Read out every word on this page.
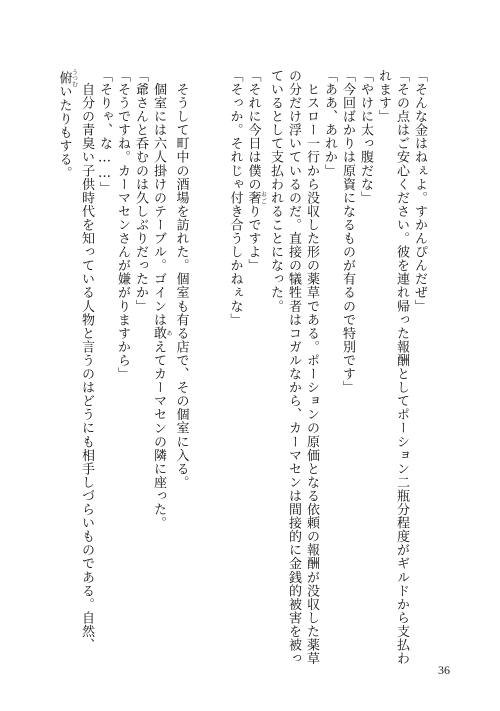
「そんな金はねぇよ。すかんぴんだぜ」
「その点はご安心ください。彼を連れ帰った報酬としてポーション二瓶分程度がギルドから支払わ
れます」
「やけに太っ腹だな」
「今回ばかりは原資になるものが有るので特別です」
「ああ、あれか」
　ヒスロー一行から没収した形の薬草である。ポーションの原価となる依頼の報酬が没収した薬草
の分だけ浮いているのだ。直接の犠牲者はコガルなから、カーマセンは間接的に金銭的被害を被っ
ているとして支払われることになった。
「それに今日は僕の奢 おごりですよ」
「そっか。それじゃ付き合うしかねぇな」
　そうして町中の酒場を訪れた。個室も有る店で、その個室に入る。
　個室には六人掛けのテーブル。ゴインは敢 あえてカーマセンの隣に座った。
「爺さんと呑むのは久しぶりだったか」
「そうですね。カーマセンさんが嫌がりますから」
「そりゃ、な……」
　自分の青臭い子供時代を知っている人物と言うのはどうにも相手しづらいものである。自然、
俯 うつむいたりもする。
36
